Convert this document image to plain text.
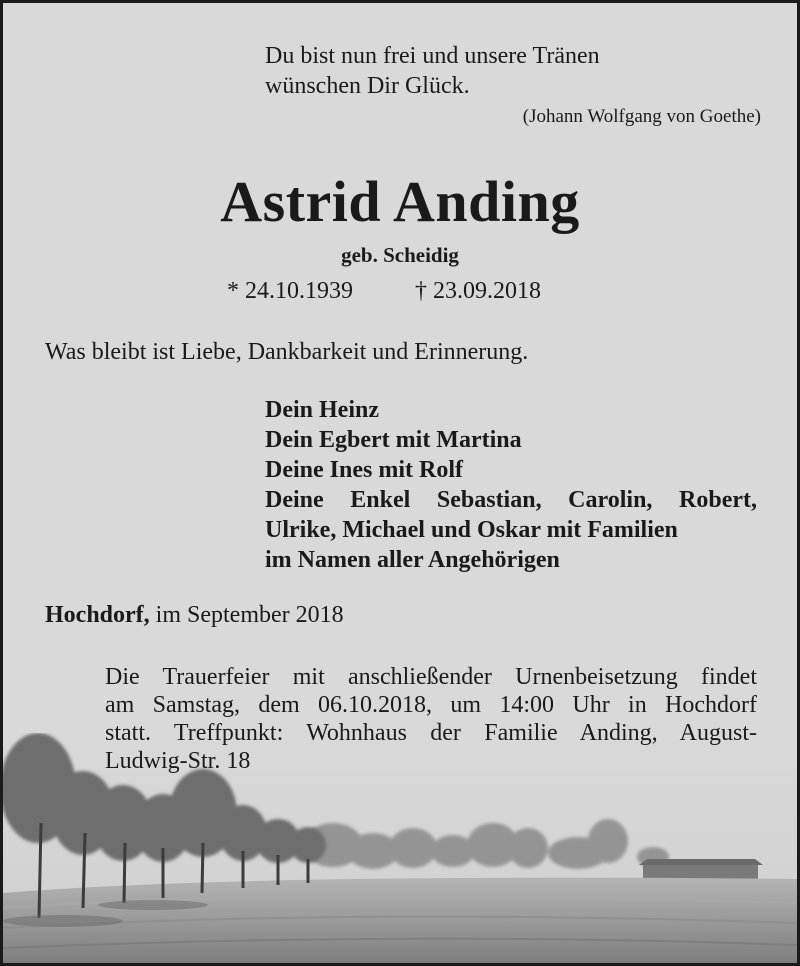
Du bist nun frei und unsere Tränen
wünschen Dir Glück.
(Johann Wolfgang von Goethe)
Astrid Anding
geb. Scheidig
* 24.10.1939	† 23.09.2018
Was bleibt ist Liebe, Dankbarkeit und Erinnerung.
Dein Heinz
Dein Egbert mit Martina
Deine Ines mit Rolf
Deine Enkel Sebastian, Carolin, Robert,
Ulrike, Michael und Oskar mit Familien
im Namen aller Angehörigen
Hochdorf, im September 2018
Die Trauerfeier mit anschließender Urnenbeisetzung findet
am Samstag, dem 06.10.2018, um 14:00 Uhr in Hochdorf
statt. Treffpunkt: Wohnhaus der Familie Anding, August-
Ludwig-Str. 18
